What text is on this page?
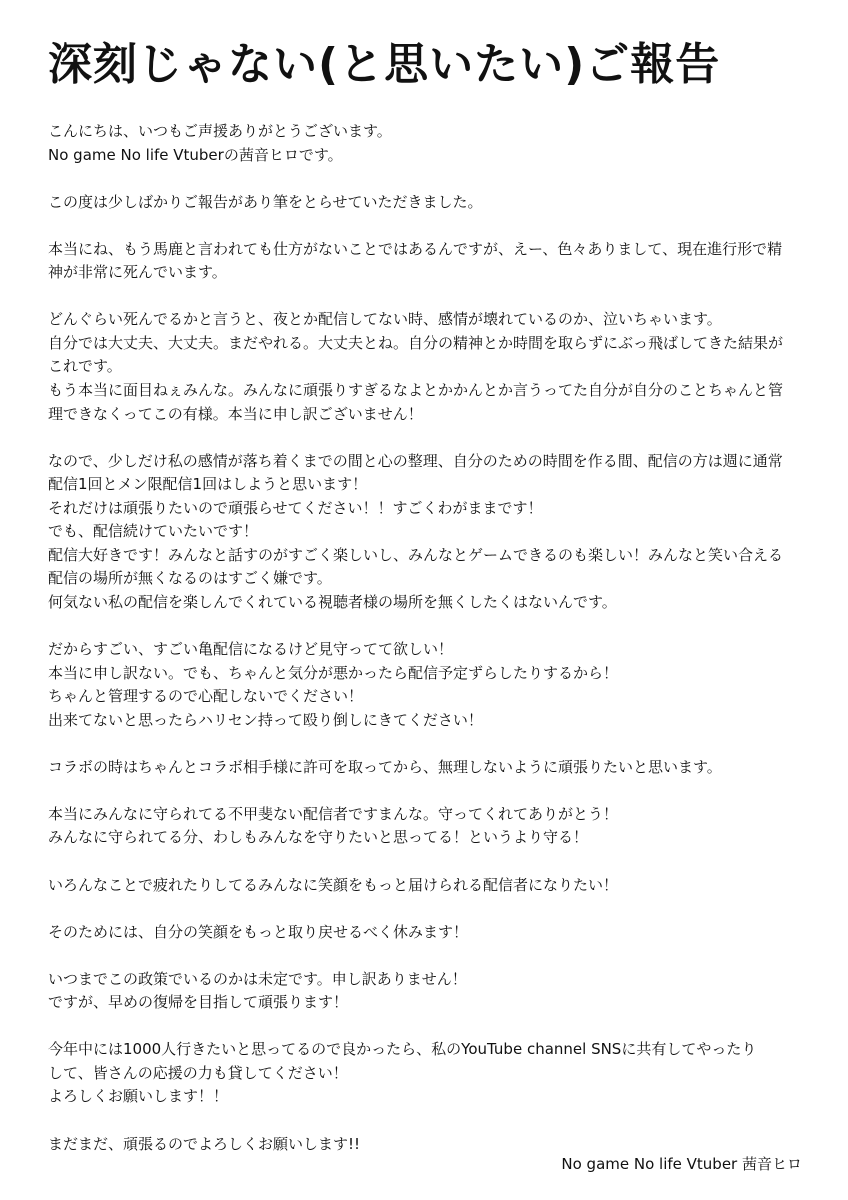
深刻じゃない(と思いたい)ご報告

こんにちは、いつもご声援ありがとうございます。

No game No life Vtuberの茜音ヒロです。

この度は少しばかりご報告があり筆をとらせていただきました。

本当にね、もう馬鹿と言われても仕方がないことではあるんですが、えー、色々ありまして、現在進行形で精

神が非常に死んでいます。

どんぐらい死んでるかと言うと、夜とか配信してない時、感情が壊れているのか、泣いちゃいます。

自分では大丈夫、大丈夫。まだやれる。大丈夫とね。自分の精神とか時間を取らずにぶっ飛ばしてきた結果が

これです。

もう本当に面目ねぇみんな。みんなに頑張りすぎるなよとかかんとか言うってた自分が自分のことちゃんと管

理できなくってこの有様。本当に申し訳ございません！

なので、少しだけ私の感情が落ち着くまでの間と心の整理、自分のための時間を作る間、配信の方は週に通常

配信1回とメン限配信1回はしようと思います！

それだけは頑張りたいので頑張らせてください！！すごくわがままです！

でも、配信続けていたいです！

配信大好きです！みんなと話すのがすごく楽しいし、みんなとゲームできるのも楽しい！みんなと笑い合える

配信の場所が無くなるのはすごく嫌です。

何気ない私の配信を楽しんでくれている視聴者様の場所を無くしたくはないんです。

だからすごい、すごい亀配信になるけど見守ってて欲しい！

本当に申し訳ない。でも、ちゃんと気分が悪かったら配信予定ずらしたりするから！

ちゃんと管理するので心配しないでください！

出来てないと思ったらハリセン持って殴り倒しにきてください！

コラボの時はちゃんとコラボ相手様に許可を取ってから、無理しないように頑張りたいと思います。

本当にみんなに守られてる不甲斐ない配信者ですまんな。守ってくれてありがとう！

みんなに守られてる分、わしもみんなを守りたいと思ってる！というより守る！

いろんなことで疲れたりしてるみんなに笑顔をもっと届けられる配信者になりたい！

そのためには、自分の笑顔をもっと取り戻せるべく休みます！

いつまでこの政策でいるのかは未定です。申し訳ありません！

ですが、早めの復帰を目指して頑張ります！

今年中には1000人行きたいと思ってるので良かったら、私のYouTube channel SNSに共有してやったり

して、皆さんの応援の力も貸してください！

よろしくお願いします！！

まだまだ、頑張るのでよろしくお願いします!!

No game No life Vtuber 茜音ヒロ
